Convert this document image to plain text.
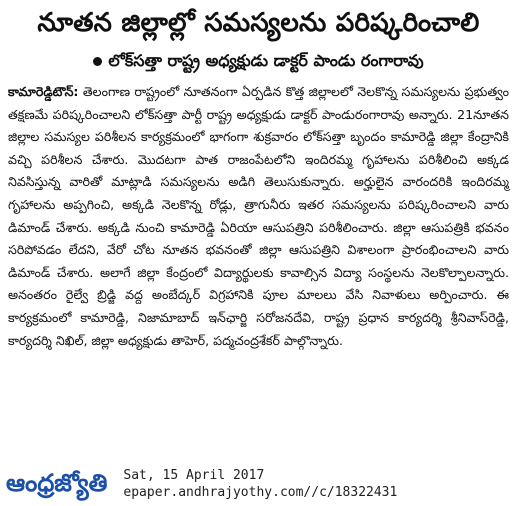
నూతన జిల్లాల్లో సమస్యలను పరిష్కరించాలి
లోక్‌సత్తా రాష్ట్ర అధ్యక్షుడు డాక్టర్ పాండు రంగారావు
కామారెడ్డిటౌన్: తెలంగాణ రాష్ట్రంలో నూతనంగా ఏర్పడిన కొత్త జిల్లాలలో నెలకొన్న సమస్యలను ప్రభుత్వం తక్షణమే పరిష్కరించాలని లోక్‌సత్తా పార్టీ రాష్ట్ర అధ్యక్షుడు డాక్టర్ పాండురంగారావు అన్నారు. 21నూతన జిల్లాల సమస్యల పరిశీలన కార్యక్రమంలో భాగంగా శుక్రవారం లోక్‌సత్తా బృందం కామారెడ్డి జిల్లా కేంద్రానికి వచ్చి పరిశీలన చేశారు. మొదటగా పాత రాజంపేటలోని ఇందిరమ్మ గృహాలను పరిశీలించి అక్కడ నివసిస్తున్న వారితో మాట్లాడి సమస్యలను అడిగి తెలుసుకున్నారు. అర్హులైన వారందరికి ఇందిరమ్మ గృహాలను అప్పగించి, అక్కడి నెలకొన్న రోడ్లు, త్రాగునీరు ఇతర సమస్యలను పరిష్కరించాలని వారు డిమాండ్ చేశారు. అక్కడి నుంచి కామారెడ్డి ఏరియా ఆసుపత్రిని పరిశీలించారు. జిల్లా ఆసుపత్రికి భవనం సరిపోవడం లేదని, వేరో చోట నూతన భవనంతో జిల్లా ఆసుపత్రిని విశాలంగా ప్రారంభించాలని వారు డిమాండ్ చేశారు. అలాగే జిల్లా కేంద్రంలో విద్యార్థులకు కావాల్సిన విద్యా సంస్థలను నెలకొల్పాలన్నారు. అనంతరం రైల్వే బ్రిడ్జి వద్ద అంబేద్కర్ విగ్రహానికి పూల మాలలు వేసి నివాళులు అర్పించారు. ఈ కార్యక్రమంలో కామారెడ్డి, నిజామాబాద్ ఇన్‌ఛార్జి సరోజనదేవి, రాష్ట్ర ప్రధాన కార్యదర్శి శ్రీనివాస్‌రెడ్డి, కార్యదర్శి నిఖిల్, జిల్లా అధ్యక్షుడు తాహెర్, పద్మచంద్రశేకర్ పాల్గొన్నారు.
ఆంధ్రజ్యోతి Sat, 15 April 2017
epaper.andhrajyothy.com//c/18322431
